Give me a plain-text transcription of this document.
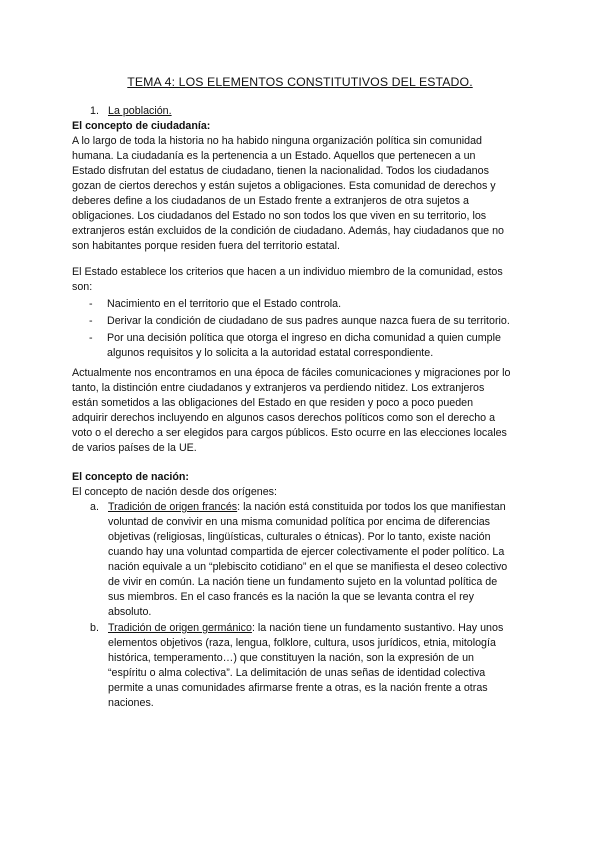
TEMA 4: LOS ELEMENTOS CONSTITUTIVOS DEL ESTADO.
1. La población.

El concepto de ciudadanía:

A lo largo de toda la historia no ha habido ninguna organización política sin comunidad

humana. La ciudadanía es la pertenencia a un Estado. Aquellos que pertenecen a un

Estado disfrutan del estatus de ciudadano, tienen la nacionalidad. Todos los ciudadanos

gozan de ciertos derechos y están sujetos a obligaciones. Esta comunidad de derechos y

deberes define a los ciudadanos de un Estado frente a extranjeros de otra sujetos a

obligaciones. Los ciudadanos del Estado no son todos los que viven en su territorio, los

extranjeros están excluidos de la condición de ciudadano. Además, hay ciudadanos que no

son habitantes porque residen fuera del territorio estatal.

El Estado establece los criterios que hacen a un individuo miembro de la comunidad, estos

son:

- Nacimiento en el territorio que el Estado controla.

- Derivar la condición de ciudadano de sus padres aunque nazca fuera de su territorio.

- Por una decisión política que otorga el ingreso en dicha comunidad a quien cumple

algunos requisitos y lo solicita a la autoridad estatal correspondiente.

Actualmente nos encontramos en una época de fáciles comunicaciones y migraciones por lo

tanto, la distinción entre ciudadanos y extranjeros va perdiendo nitidez. Los extranjeros

están sometidos a las obligaciones del Estado en que residen y poco a poco pueden

adquirir derechos incluyendo en algunos casos derechos políticos como son el derecho a

voto o el derecho a ser elegidos para cargos públicos. Esto ocurre en las elecciones locales

de varios países de la UE.

El concepto de nación:

El concepto de nación desde dos orígenes:

a. Tradición de origen francés: la nación está constituida por todos los que manifiestan

voluntad de convivir en una misma comunidad política por encima de diferencias

objetivas (religiosas, lingüísticas, culturales o étnicas). Por lo tanto, existe nación

cuando hay una voluntad compartida de ejercer colectivamente el poder político. La

nación equivale a un “plebiscito cotidiano” en el que se manifiesta el deseo colectivo

de vivir en común. La nación tiene un fundamento sujeto en la voluntad política de

sus miembros. En el caso francés es la nación la que se levanta contra el rey

absoluto.

b. Tradición de origen germánico: la nación tiene un fundamento sustantivo. Hay unos

elementos objetivos (raza, lengua, folklore, cultura, usos jurídicos, etnia, mitología

histórica, temperamento…) que constituyen la nación, son la expresión de un

“espíritu o alma colectiva”. La delimitación de unas señas de identidad colectiva

permite a unas comunidades afirmarse frente a otras, es la nación frente a otras

naciones.
